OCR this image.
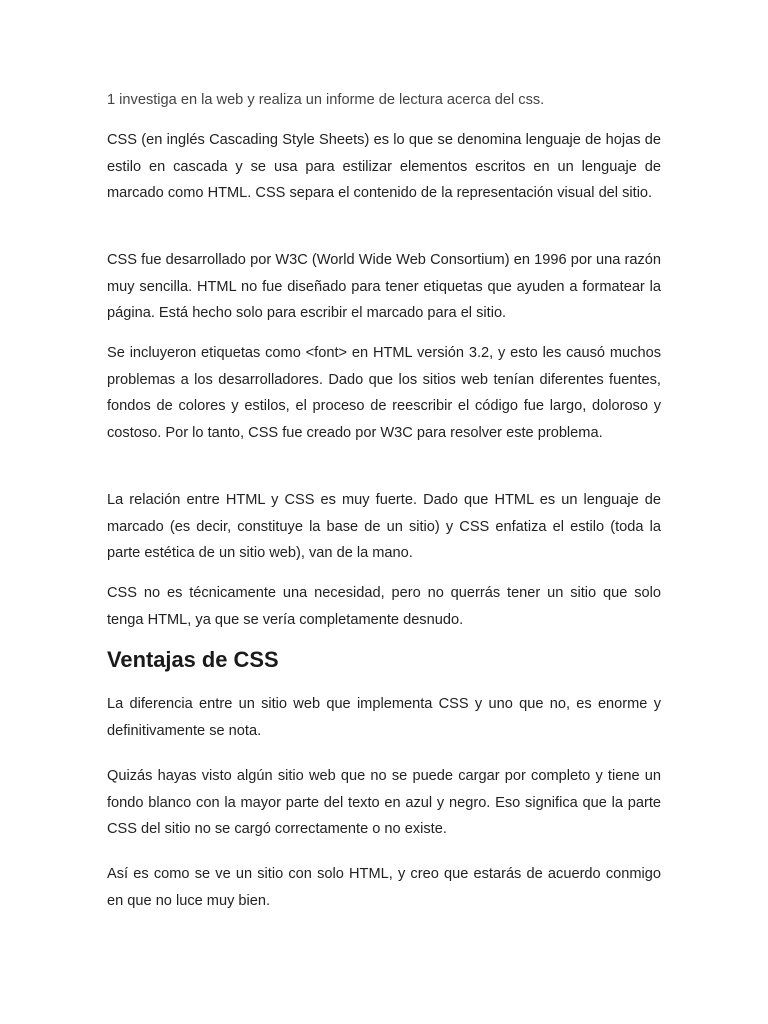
1 investiga en la web y realiza un informe de lectura acerca del css.

CSS (en inglés Cascading Style Sheets) es lo que se denomina lenguaje de hojas de estilo en cascada y se usa para estilizar elementos escritos en un lenguaje de marcado como HTML. CSS separa el contenido de la representación visual del sitio.

CSS fue desarrollado por W3C (World Wide Web Consortium) en 1996 por una razón muy sencilla. HTML no fue diseñado para tener etiquetas que ayuden a formatear la página. Está hecho solo para escribir el marcado para el sitio.

Se incluyeron etiquetas como <font> en HTML versión 3.2, y esto les causó muchos problemas a los desarrolladores. Dado que los sitios web tenían diferentes fuentes, fondos de colores y estilos, el proceso de reescribir el código fue largo, doloroso y costoso. Por lo tanto, CSS fue creado por W3C para resolver este problema.

La relación entre HTML y CSS es muy fuerte. Dado que HTML es un lenguaje de marcado (es decir, constituye la base de un sitio) y CSS enfatiza el estilo (toda la parte estética de un sitio web), van de la mano.

CSS no es técnicamente una necesidad, pero no querrás tener un sitio que solo tenga HTML, ya que se vería completamente desnudo.

Ventajas de CSS

La diferencia entre un sitio web que implementa CSS y uno que no, es enorme y definitivamente se nota.

Quizás hayas visto algún sitio web que no se puede cargar por completo y tiene un fondo blanco con la mayor parte del texto en azul y negro. Eso significa que la parte CSS del sitio no se cargó correctamente o no existe.

Así es como se ve un sitio con solo HTML, y creo que estarás de acuerdo conmigo en que no luce muy bien.
